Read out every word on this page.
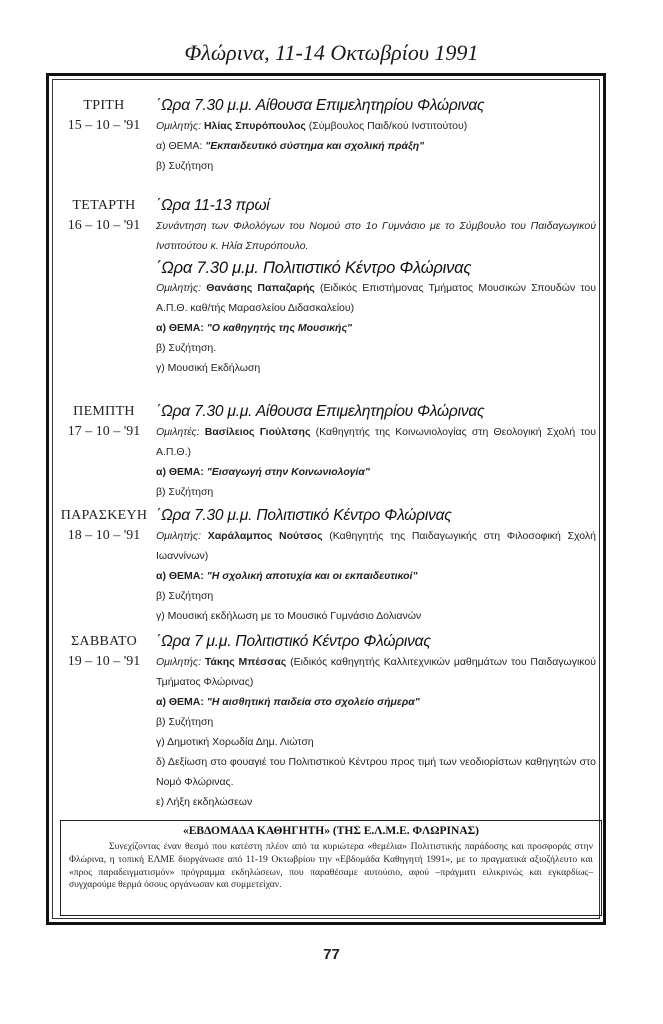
Φλώρινα, 11-14 Οκτωβρίου 1991
ΤΡΙΤΗ
15 – 10 – '91
΄Ωρα 7.30 μ.μ. Αίθουσα Επιμελητηρίου Φλώρινας
Ομιλητής: Ηλίας Σπυρόπουλος (Σύμβουλος Παιδ/κού Ινστιτούτου)
α) ΘΕΜΑ: "Εκπαιδευτικό σύστημα και σχολική πράξη"
β) Συζήτηση
ΤΕΤΑΡΤΗ
16 – 10 – '91
΄Ωρα 11-13 πρωί
Συνάντηση των Φιλολόγων του Νομού στο 1ο Γυμνάσιο με το Σύμβουλο του Παιδαγωγικού Ινστιτούτου κ. Ηλία Σπυρόπουλο.
΄Ωρα 7.30 μ.μ. Πολιτιστικό Κέντρο Φλώρινας
Ομιλητής: Θανάσης Παπαζαρής (Ειδικός Επιστήμονας Τμήματος Μουσικών Σπουδών του Α.Π.Θ. καθ/τής Μαρασλείου Διδασκαλείου)
α) ΘΕΜΑ: "Ο καθηγητής της Μουσικής"
β) Συζήτηση.
γ) Μουσική Εκδήλωση
ΠΕΜΠΤΗ
17 – 10 – '91
΄Ωρα 7.30 μ.μ. Αίθουσα Επιμελητηρίου Φλώρινας
Ομιλητές: Βασίλειος Γιούλτσης (Καθηγητής της Κοινωνιολογίας στη Θεολογική Σχολή του Α.Π.Θ.)
α) ΘΕΜΑ: "Εισαγωγή στην Κοινωνιολογία"
β) Συζήτηση
ΠΑΡΑΣΚΕΥΗ
18 – 10 – '91
΄Ωρα 7.30 μ.μ. Πολιτιστικό Κέντρο Φλώρινας
Ομιλητής: Χαράλαμπος Νούτσος (Καθηγητής της Παιδαγωγικής στη Φιλοσοφική Σχολή Ιωαννίνων)
α) ΘΕΜΑ: "Η σχολική αποτυχία και οι εκπαιδευτικοί"
β) Συζήτηση
γ) Μουσική εκδήλωση με το Μουσικό Γυμνάσιο Δολιανών
ΣΑΒΒΑΤΟ
19 – 10 – '91
΄Ωρα 7 μ.μ. Πολιτιστικό Κέντρο Φλώρινας
Ομιλητής: Τάκης Μπέσσας (Ειδικός καθηγητής Καλλιτεχνικών μαθημάτων του Παιδαγωγικού Τμήματος Φλώρινας)
α) ΘΕΜΑ: "Η αισθητική παιδεία στο σχολείο σήμερα"
β) Συζήτηση
γ) Δημοτική Χορωδία Δημ. Λιώτση
δ) Δεξίωση στο φουαγιέ του Πολιτιστικού Κέντρου προς τιμή των νεοδιορίστων καθηγητών στο Νομό Φλώρινας.
ε) Λήξη εκδηλώσεων
«ΕΒΔΟΜΑΔΑ ΚΑΘΗΓΗΤΗ» (ΤΗΣ Ε.Λ.Μ.Ε. ΦΛΩΡΙΝΑΣ)
Συνεχίζοντας έναν θεσμό που κατέστη πλέον από τα κυριώτερα «θεμέλια» Πολιτιστικής παράδοσης και προσφοράς στην Φλώρινα, η τοπική ΕΛΜΕ διοργάνωσε από 11-19 Οκτωβρίου την «Εβδομάδα Καθηγητή 1991», με το πραγματικά αξιοζήλευτο και «προς παραδειγματισμόν» πρόγραμμα εκδηλώσεων, που παραθέσαμε αυτούσιο, αφού –πράγματι ειλικρινώς και εγκαρδίως– συγχαρούμε θερμά όσους οργάνωσαν και συμμετείχαν.
77
